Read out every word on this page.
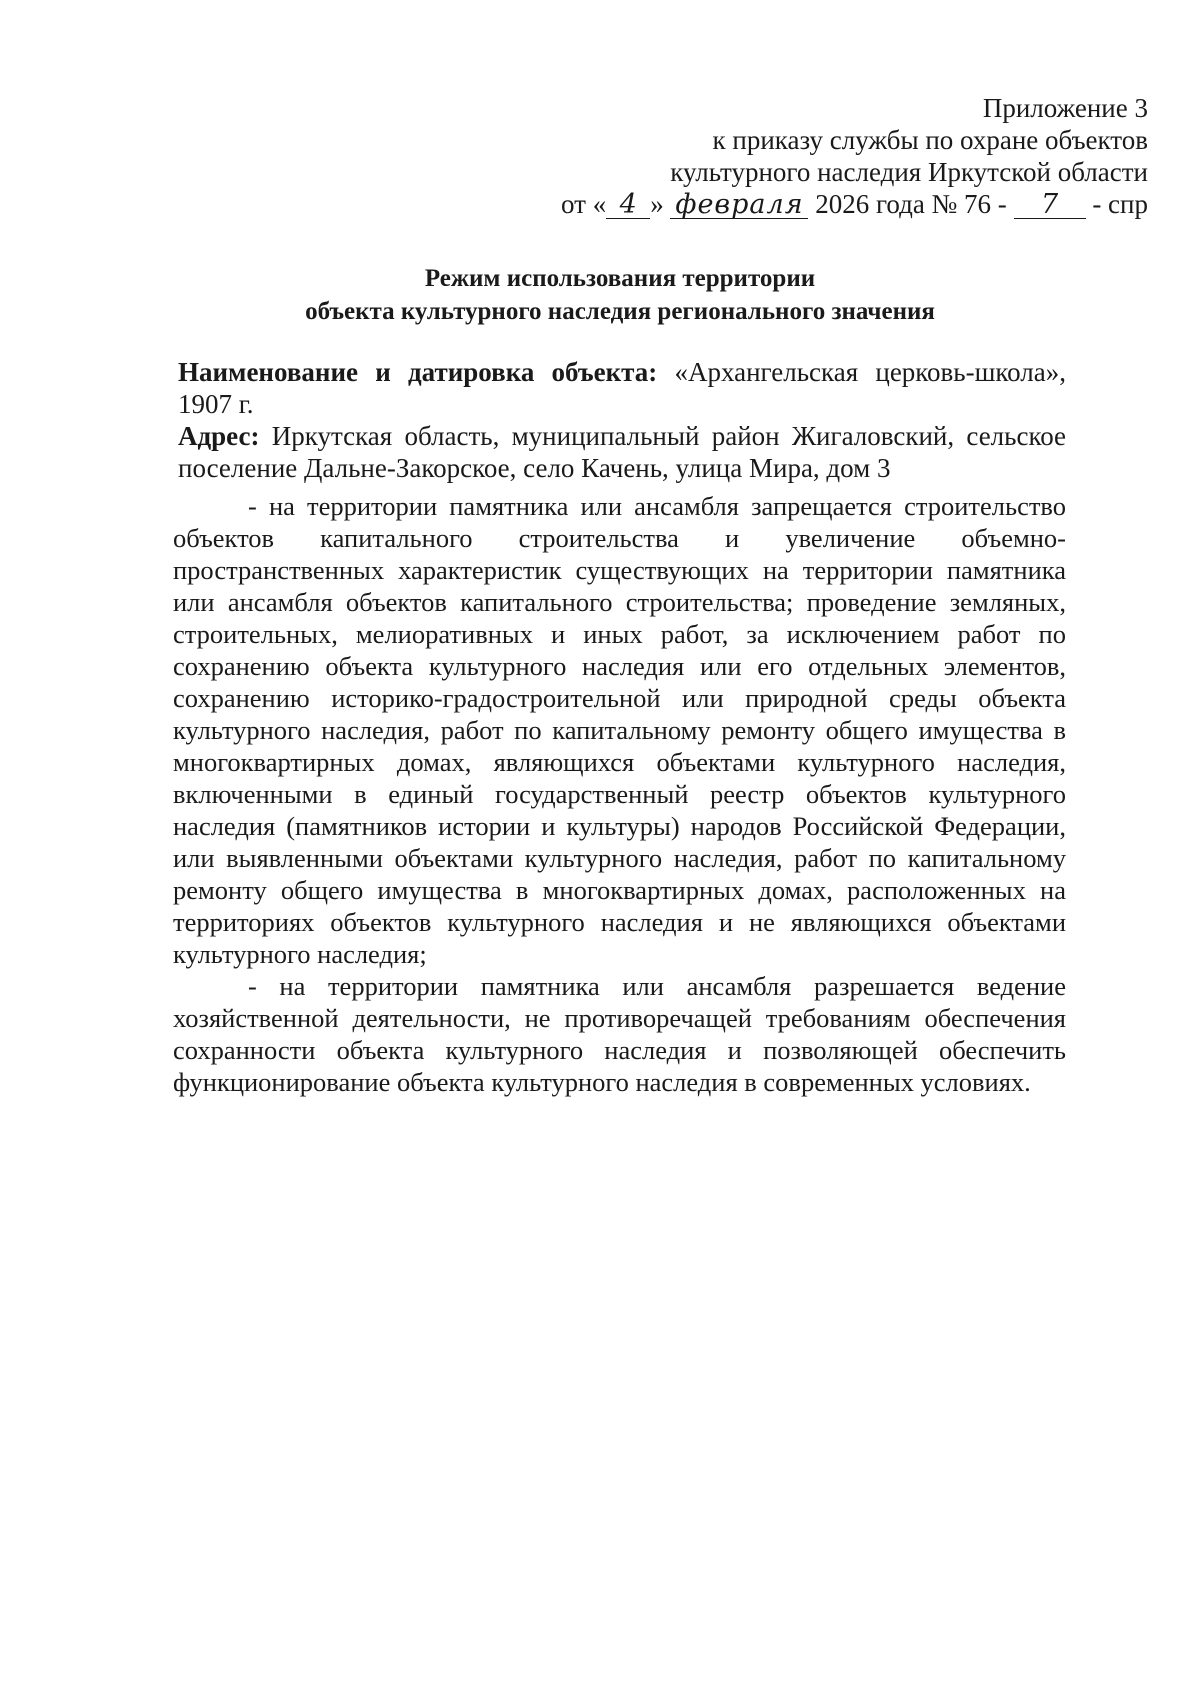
Приложение 3
к приказу службы по охране объектов
культурного наследия Иркутской области
от « 4 » февраля 2026 года № 76 - 7 - спр
Режим использования территории
объекта культурного наследия регионального значения

Наименование и датировка объекта: «Архангельская церковь-школа», 1907 г.

Адрес: Иркутская область, муниципальный район Жигаловский, сельское поселение Дальне-Закорское, село Качень, улица Мира, дом 3

- на территории памятника или ансамбля запрещается строительство объектов капитального строительства и увеличение объемно-пространственных характеристик существующих на территории памятника или ансамбля объектов капитального строительства; проведение земляных, строительных, мелиоративных и иных работ, за исключением работ по сохранению объекта культурного наследия или его отдельных элементов, сохранению историко-градостроительной или природной среды объекта культурного наследия, работ по капитальному ремонту общего имущества в многоквартирных домах, являющихся объектами культурного наследия, включенными в единый государственный реестр объектов культурного наследия (памятников истории и культуры) народов Российской Федерации, или выявленными объектами культурного наследия, работ по капитальному ремонту общего имущества в многоквартирных домах, расположенных на территориях объектов культурного наследия и не являющихся объектами культурного наследия;

- на территории памятника или ансамбля разрешается ведение хозяйственной деятельности, не противоречащей требованиям обеспечения сохранности объекта культурного наследия и позволяющей обеспечить функционирование объекта культурного наследия в современных условиях.
